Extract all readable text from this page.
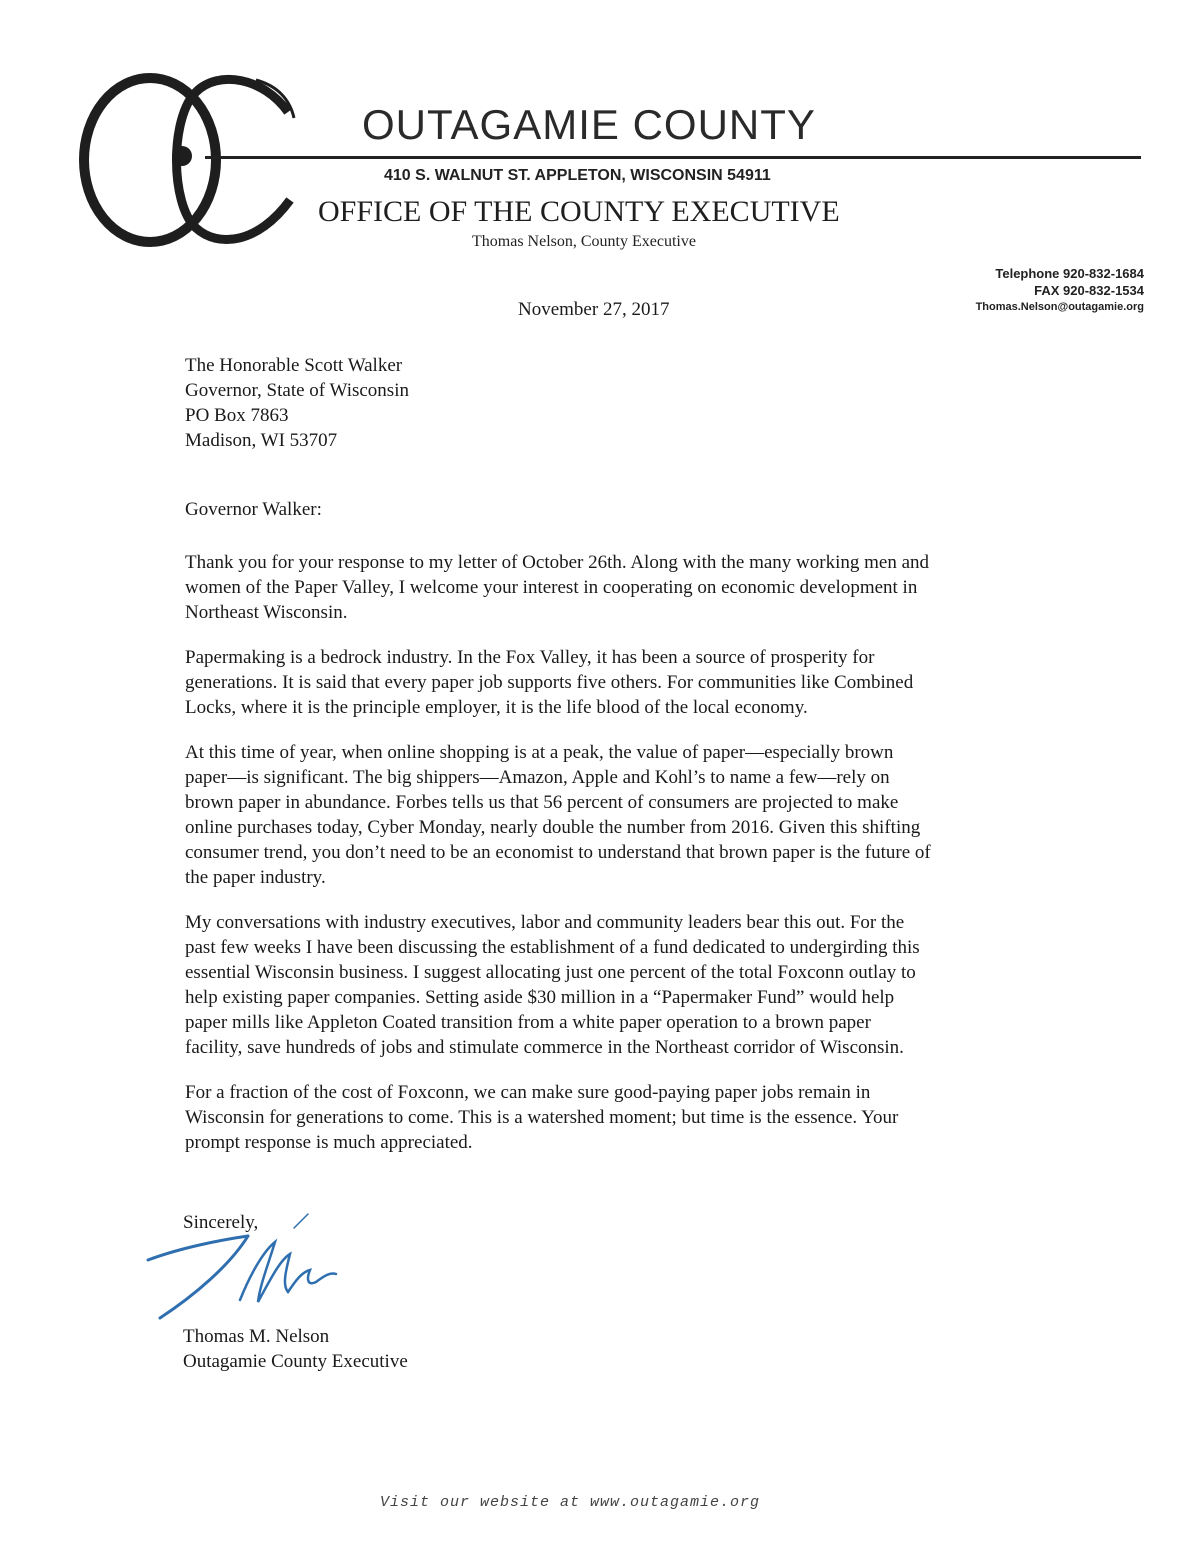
OUTAGAMIE COUNTY
410 S. WALNUT ST. APPLETON, WISCONSIN 54911
OFFICE OF THE COUNTY EXECUTIVE
Thomas Nelson, County Executive
Telephone 920-832-1684
FAX 920-832-1534
Thomas.Nelson@outagamie.org
November 27, 2017
The Honorable Scott Walker
Governor, State of Wisconsin
PO Box 7863
Madison, WI 53707
Governor Walker:

Thank you for your response to my letter of October 26th. Along with the many working men and
women of the Paper Valley, I welcome your interest in cooperating on economic development in
Northeast Wisconsin.

Papermaking is a bedrock industry. In the Fox Valley, it has been a source of prosperity for
generations. It is said that every paper job supports five others. For communities like Combined
Locks, where it is the principle employer, it is the life blood of the local economy.

At this time of year, when online shopping is at a peak, the value of paper—especially brown
paper—is significant. The big shippers—Amazon, Apple and Kohl’s to name a few—rely on
brown paper in abundance. Forbes tells us that 56 percent of consumers are projected to make
online purchases today, Cyber Monday, nearly double the number from 2016. Given this shifting
consumer trend, you don’t need to be an economist to understand that brown paper is the future of
the paper industry.

My conversations with industry executives, labor and community leaders bear this out. For the
past few weeks I have been discussing the establishment of a fund dedicated to undergirding this
essential Wisconsin business. I suggest allocating just one percent of the total Foxconn outlay to
help existing paper companies. Setting aside $30 million in a “Papermaker Fund” would help
paper mills like Appleton Coated transition from a white paper operation to a brown paper
facility, save hundreds of jobs and stimulate commerce in the Northeast corridor of Wisconsin.

For a fraction of the cost of Foxconn, we can make sure good-paying paper jobs remain in
Wisconsin for generations to come. This is a watershed moment; but time is the essence. Your
prompt response is much appreciated.

Sincerely,
Thomas M. Nelson
Outagamie County Executive
Visit our website at www.outagamie.org
